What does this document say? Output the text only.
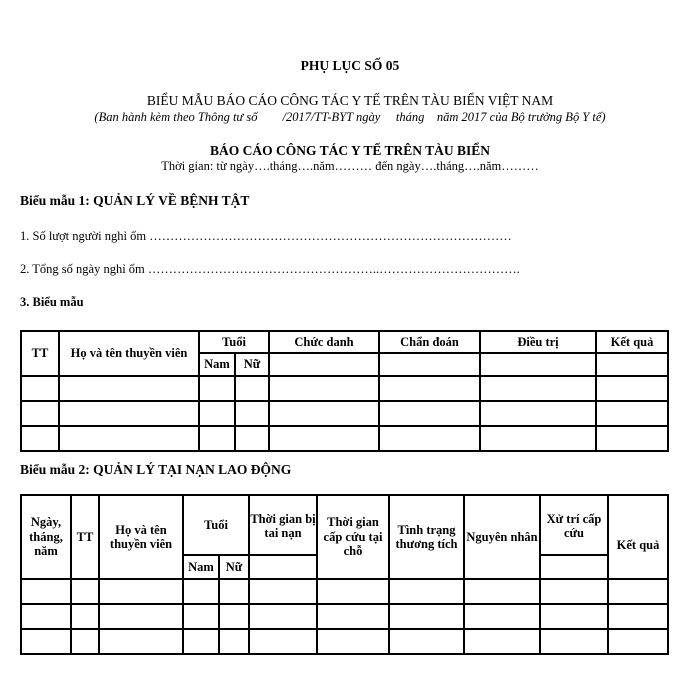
PHỤ LỤC SỐ 05
BIỂU MẪU BÁO CÁO CÔNG TÁC Y TẾ TRÊN TÀU BIỂN VIỆT NAM
(Ban hành kèm theo Thông tư số        /2017/TT-BYT ngày     tháng    năm 2017 của Bộ trưởng Bộ Y tế)
BÁO CÁO CÔNG TÁC Y TẾ TRÊN TÀU BIỂN
Thời gian: từ ngày….tháng….năm……… đến ngày….tháng….năm………
Biểu mẫu 1: QUẢN LÝ VỀ BỆNH TẬT
1. Số lượt người nghỉ ốm ……………………………………………………………………………
2. Tổng số ngày nghỉ ốm ………………………………………………..…………………………….
3. Biểu mẫu
TT	Họ và tên thuyền viên	Tuổi		Chức danh	Chẩn đoán	Điều trị	Kết quả
		Nam	Nữ				

Biểu mẫu 2: QUẢN LÝ TẠI NẠN LAO ĐỘNG
Ngày, tháng, năm	TT	Họ và tên thuyền viên	Tuổi		Thời gian bị tai nạn	Thời gian cấp cứu tại chỗ	Tình trạng thương tích	Nguyên nhân	Xử trí cấp cứu	Kết quả
			Nam	Nữ						
